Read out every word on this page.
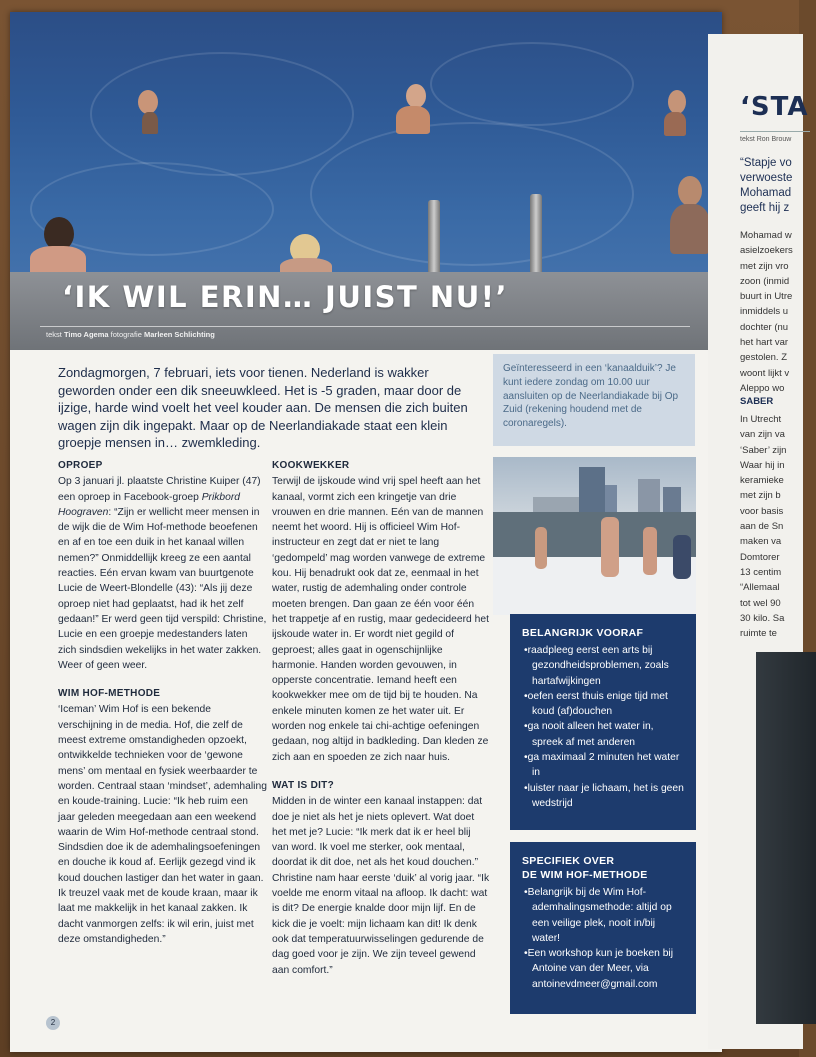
‘IK WIL ERIN… JUIST NU!’
tekst Timo Agema fotografie Marleen Schlichting
Zondagmorgen, 7 februari, iets voor tienen. Nederland is wakker geworden onder een dik sneeuwkleed. Het is -5 graden, maar door de ijzige, harde wind voelt het veel kouder aan. De mensen die zich buiten wagen zijn dik ingepakt. Maar op de Neerlandiakade staat een klein groepje mensen in… zwemkleding.
Geïnteresseerd in een ‘kanaalduik’? Je kunt iedere zondag om 10.00 uur aansluiten op de Neerlandiakade bij Op Zuid (rekening houdend met de coronaregels).

OPROEP

Op 3 januari jl. plaatste Christine Kuiper (47) een oproep in Facebook-groep Prikbord Hoograven: “Zijn er wellicht meer mensen in de wijk die de Wim Hof-methode beoefenen en af en toe een duik in het kanaal willen nemen?” Onmiddellijk kreeg ze een aantal reacties. Eén ervan kwam van buurtgenote Lucie de Weert-Blondelle (43): “Als jij deze oproep niet had geplaatst, had ik het zelf gedaan!” Er werd geen tijd verspild: Christine, Lucie en een groepje medestanders laten zich sindsdien wekelijks in het water zakken. Weer of geen weer.

WIM HOF-METHODE

‘Iceman’ Wim Hof is een bekende verschijning in de media. Hof, die zelf de meest extreme omstandigheden opzoekt, ontwikkelde technieken voor de ‘gewone mens’ om mentaal en fysiek weerbaarder te worden. Centraal staan ‘mindset’, ademhaling en koude-training. Lucie: “Ik heb ruim een jaar geleden meegedaan aan een weekend waarin de Wim Hof-methode centraal stond. Sindsdien doe ik de ademhalingsoefeningen en douche ik koud af. Eerlijk gezegd vind ik koud douchen lastiger dan het water in gaan. Ik treuzel vaak met de koude kraan, maar ik laat me makkelijk in het kanaal zakken. Ik dacht vanmorgen zelfs: ik wil erin, juist met deze omstandigheden.”

KOOKWEKKER

Terwijl de ijskoude wind vrij spel heeft aan het kanaal, vormt zich een kringetje van drie vrouwen en drie mannen. Eén van de mannen neemt het woord. Hij is officieel Wim Hof-instructeur en zegt dat er niet te lang ‘gedompeld’ mag worden vanwege de extreme kou. Hij benadrukt ook dat ze, eenmaal in het water, rustig de ademhaling onder controle moeten brengen. Dan gaan ze één voor één het trappetje af en rustig, maar gedecideerd het ijskoude water in. Er wordt niet gegild of geproest; alles gaat in ogenschijnlijke harmonie. Handen worden gevouwen, in opperste concentratie. Iemand heeft een kookwekker mee om de tijd bij te houden. Na enkele minuten komen ze het water uit. Er worden nog enkele tai chi-achtige oefeningen gedaan, nog altijd in badkleding. Dan kleden ze zich aan en spoeden ze zich naar huis.

WAT IS DIT?

Midden in de winter een kanaal instappen: dat doe je niet als het je niets oplevert. Wat doet het met je? Lucie: “Ik merk dat ik er heel blij van word. Ik voel me sterker, ook mentaal, doordat ik dit doe, net als het koud douchen.” Christine nam haar eerste ‘duik’ al vorig jaar. “Ik voelde me enorm vitaal na afloop. Ik dacht: wat is dit? De energie knalde door mijn lijf. En de kick die je voelt: mijn lichaam kan dit! Ik denk ook dat temperatuurwisselingen gedurende de dag goed voor je zijn. We zijn teveel gewend aan comfort.”

BELANGRIJK VOORAF
• raadpleeg eerst een arts bij gezondheidsproblemen, zoals hartafwijkingen
• oefen eerst thuis enige tijd met koud (af)douchen
• ga nooit alleen het water in, spreek af met anderen
• ga maximaal 2 minuten het water in
• luister naar je lichaam, het is geen wedstrijd
SPECIFIEK OVER
DE WIM HOF-METHODE
• Belangrijk bij de Wim Hof-ademhalingsmethode: altijd op een veilige plek, nooit in/bij water!
• Een workshop kun je boeken bij Antoine van der Meer, via antoinevdmeer@gmail.com
2
‘STA
tekst Ron Brouw
“Stapje vo
verwoeste
Mohamad
geeft hij z
Mohamad w
asielzoekers
met zijn vro
zoon (inmid
buurt in Utre
inmiddels u
dochter (nu
het hart var
gestolen. Z
woont lijkt v
Aleppo wo
SABER
In Utrecht
van zijn va
‘Saber’ zijn
Waar hij in
keramieke
met zijn b
voor basis
aan de Sn
maken va
Domtorer
13 centim
“Allemaal
tot wel 90
30 kilo. Sa
ruimte te
